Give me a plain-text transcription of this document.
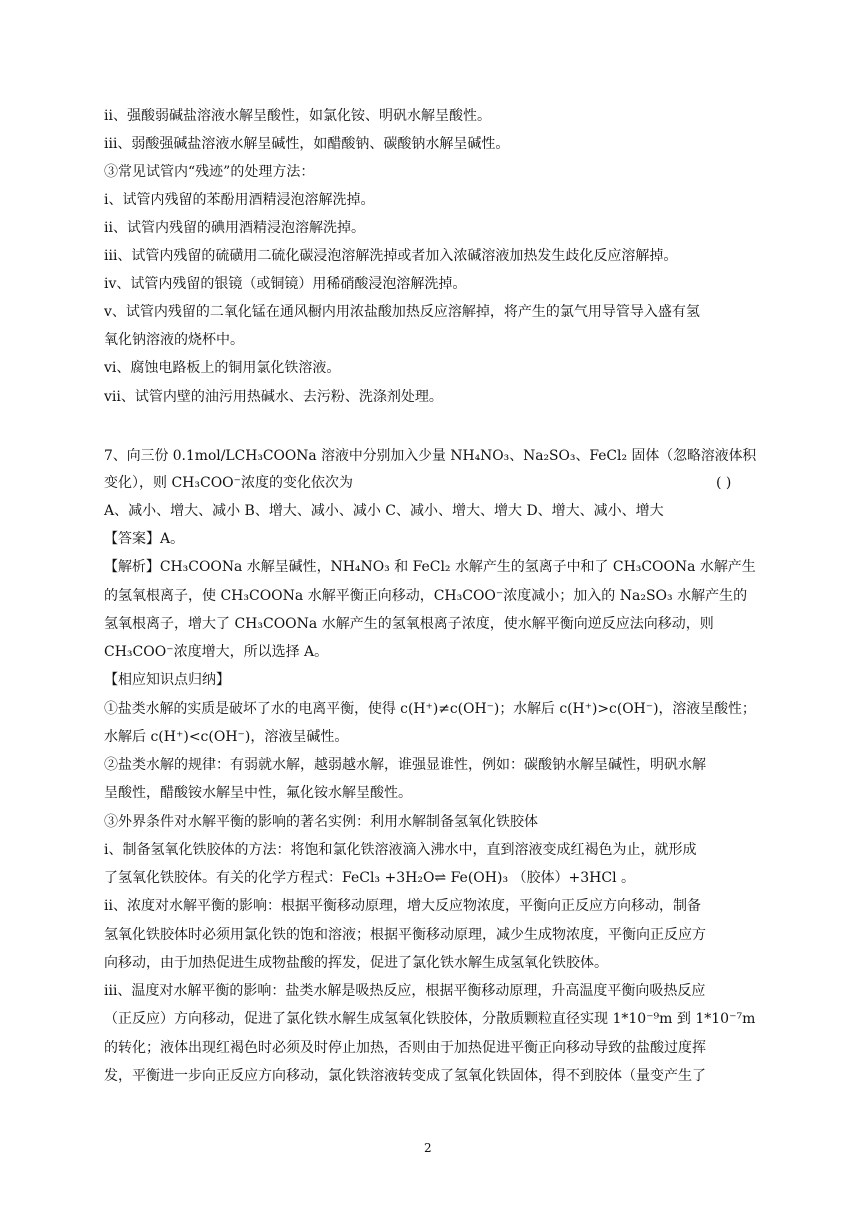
ⅱ、强酸弱碱盐溶液水解呈酸性，如氯化铵、明矾水解呈酸性。
ⅲ、弱酸强碱盐溶液水解呈碱性，如醋酸钠、碳酸钠水解呈碱性。
③常见试管内“残迹”的处理方法：
ⅰ、试管内残留的苯酚用酒精浸泡溶解洗掉。
ⅱ、试管内残留的碘用酒精浸泡溶解洗掉。
ⅲ、试管内残留的硫磺用二硫化碳浸泡溶解洗掉或者加入浓碱溶液加热发生歧化反应溶解掉。
ⅳ、试管内残留的银镜（或铜镜）用稀硝酸浸泡溶解洗掉。
ⅴ、试管内残留的二氧化锰在通风橱内用浓盐酸加热反应溶解掉，将产生的氯气用导管导入盛有氢
氧化钠溶液的烧杯中。
ⅵ、腐蚀电路板上的铜用氯化铁溶液。
ⅶ、试管内壁的油污用热碱水、去污粉、洗涤剂处理。
7、向三份 0.1mol/LCH₃COONa 溶液中分别加入少量 NH₄NO₃、Na₂SO₃、FeCl₂ 固体（忽略溶液体积
变化），则 CH₃COO⁻浓度的变化依次为	( )
A、减小、增大、减小 B、增大、减小、减小 C、减小、增大、增大 D、增大、减小、增大
【答案】A。
【解析】CH₃COONa 水解呈碱性，NH₄NO₃ 和 FeCl₂ 水解产生的氢离子中和了 CH₃COONa 水解产生
的氢氧根离子，使 CH₃COONa 水解平衡正向移动，CH₃COO⁻浓度减小；加入的 Na₂SO₃ 水解产生的
氢氧根离子，增大了 CH₃COONa 水解产生的氢氧根离子浓度，使水解平衡向逆反应法向移动，则
CH₃COO⁻浓度增大，所以选择 A。
【相应知识点归纳】
①盐类水解的实质是破坏了水的电离平衡，使得 c(H⁺)≠c(OH⁻)；水解后 c(H⁺)>c(OH⁻)，溶液呈酸性；
水解后 c(H⁺)<c(OH⁻)，溶液呈碱性。
②盐类水解的规律：有弱就水解，越弱越水解，谁强显谁性，例如：碳酸钠水解呈碱性，明矾水解
呈酸性，醋酸铵水解呈中性，氟化铵水解呈酸性。
③外界条件对水解平衡的影响的著名实例：利用水解制备氢氧化铁胶体
ⅰ、制备氢氧化铁胶体的方法：将饱和氯化铁溶液滴入沸水中，直到溶液变成红褐色为止，就形成
了氢氧化铁胶体。有关的化学方程式：FeCl₃ +3H₂O⇌ Fe(OH)₃ （胶体）+3HCl 。
ⅱ、浓度对水解平衡的影响：根据平衡移动原理，增大反应物浓度，平衡向正反应方向移动，制备
氢氧化铁胶体时必须用氯化铁的饱和溶液；根据平衡移动原理，减少生成物浓度，平衡向正反应方
向移动，由于加热促进生成物盐酸的挥发，促进了氯化铁水解生成氢氧化铁胶体。
ⅲ、温度对水解平衡的影响：盐类水解是吸热反应，根据平衡移动原理，升高温度平衡向吸热反应
（正反应）方向移动，促进了氯化铁水解生成氢氧化铁胶体，分散质颗粒直径实现 1*10⁻⁹m 到 1*10⁻⁷m
的转化；液体出现红褐色时必须及时停止加热，否则由于加热促进平衡正向移动导致的盐酸过度挥
发，平衡进一步向正反应方向移动，氯化铁溶液转变成了氢氧化铁固体，得不到胶体（量变产生了
2
